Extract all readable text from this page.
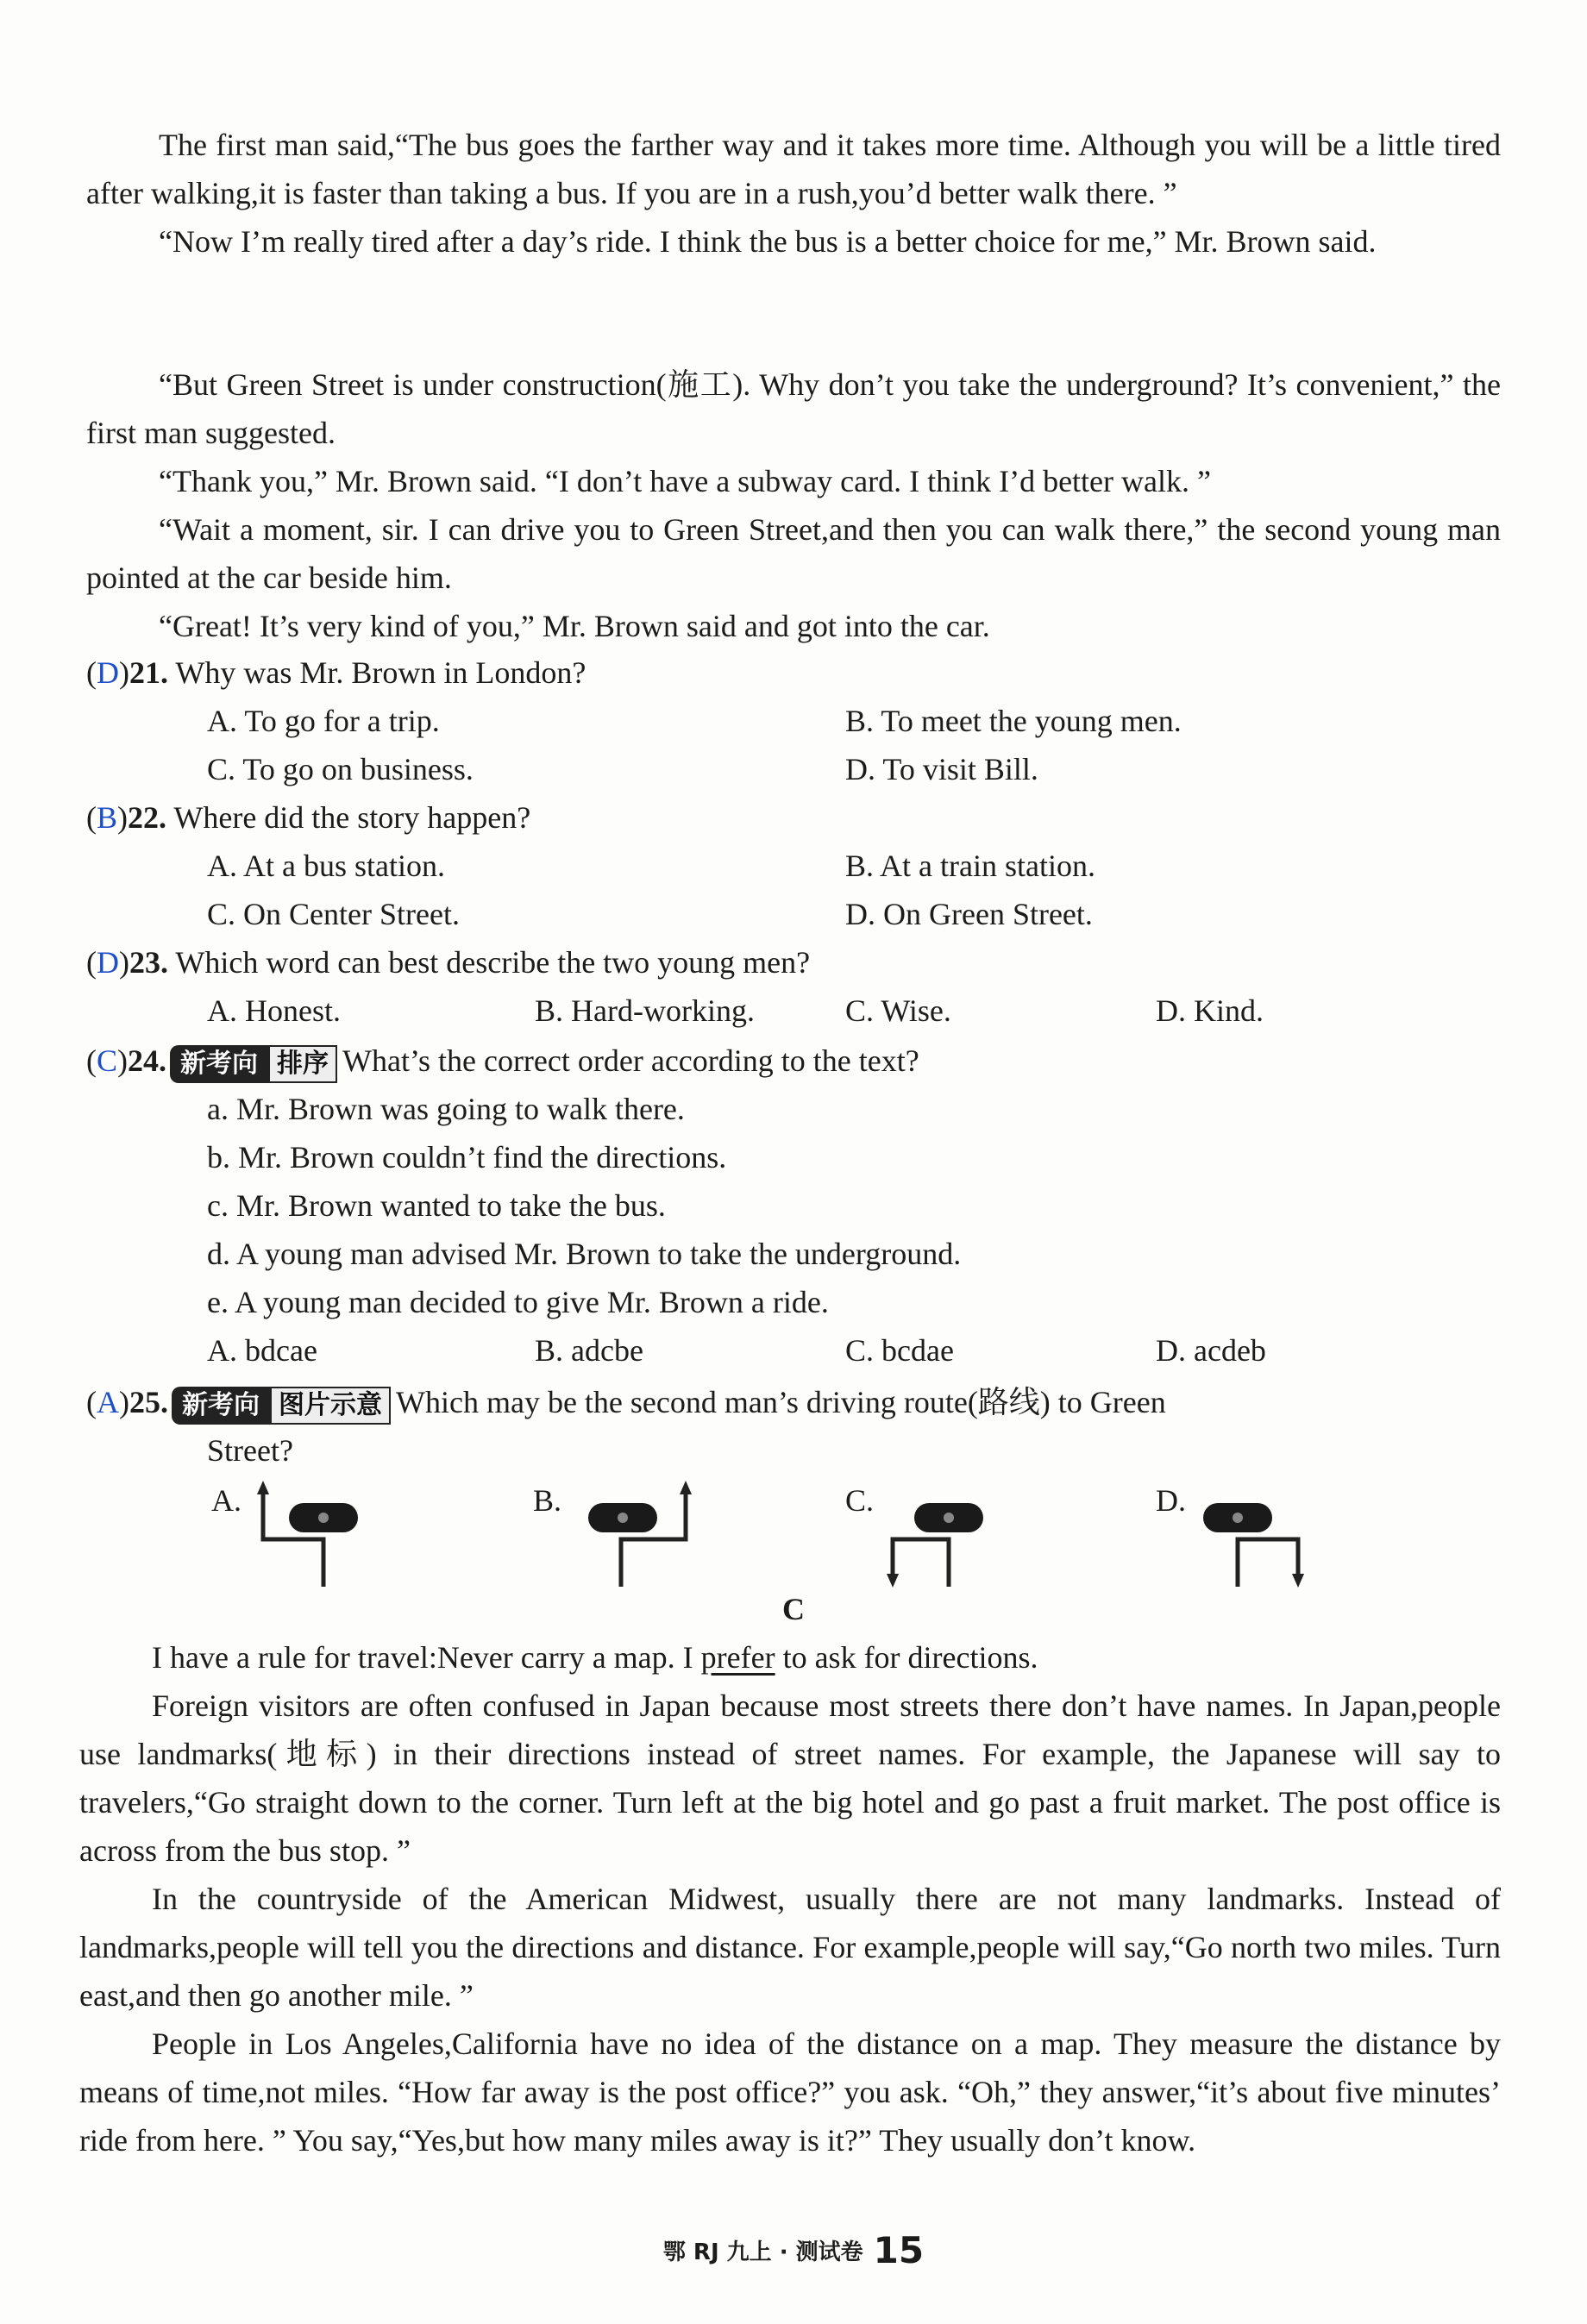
The first man said,“The bus goes the farther way and it takes more time. Although you will be a little tired after walking,it is faster than taking a bus. If you are in a rush,you’d better walk there. ”
“Now I’m really tired after a day’s ride. I think the bus is a better choice for me,” Mr. Brown said.
“But Green Street is under construction(施工). Why don’t you take the underground? It’s convenient,” the first man suggested.
“Thank you,” Mr. Brown said. “I don’t have a subway card. I think I’d better walk. ”
“Wait a moment, sir. I can drive you to Green Street,and then you can walk there,” the second young man pointed at the car beside him.
“Great! It’s very kind of you,” Mr. Brown said and got into the car.
(D)21. Why was Mr. Brown in London?
A. To go for a trip.	B. To meet the young men.
C. To go on business.	D. To visit Bill.
(B)22. Where did the story happen?
A. At a bus station.	B. At a train station.
C. On Center Street.	D. On Green Street.
(D)23. Which word can best describe the two young men?
A. Honest.	B. Hard-working.	C. Wise.	D. Kind.
(C)24. 新考向 排序 What’s the correct order according to the text?
a. Mr. Brown was going to walk there.
b. Mr. Brown couldn’t find the directions.
c. Mr. Brown wanted to take the bus.
d. A young man advised Mr. Brown to take the underground.
e. A young man decided to give Mr. Brown a ride.
A. bdcae	B. adcbe	C. bcdae	D. acdeb
(A)25. 新考向 图片示意 Which may be the second man’s driving route(路线) to Green
Street?
A.	B.	C.	D.
C
I have a rule for travel:Never carry a map. I prefer to ask for directions.
Foreign visitors are often confused in Japan because most streets there don’t have names. In Japan,people use landmarks(地标) in their directions instead of street names. For example, the Japanese will say to travelers,“Go straight down to the corner. Turn left at the big hotel and go past a fruit market. The post office is across from the bus stop. ”
In the countryside of the American Midwest, usually there are not many landmarks. Instead of landmarks,people will tell you the directions and distance. For example,people will say,“Go north two miles. Turn east,and then go another mile. ”
People in Los Angeles,California have no idea of the distance on a map. They measure the distance by means of time,not miles. “How far away is the post office?” you ask. “Oh,” they answer,“it’s about five minutes’ ride from here. ” You say,“Yes,but how many miles away is it?” They usually don’t know.
鄂 RJ 九上 · 测试卷 15
